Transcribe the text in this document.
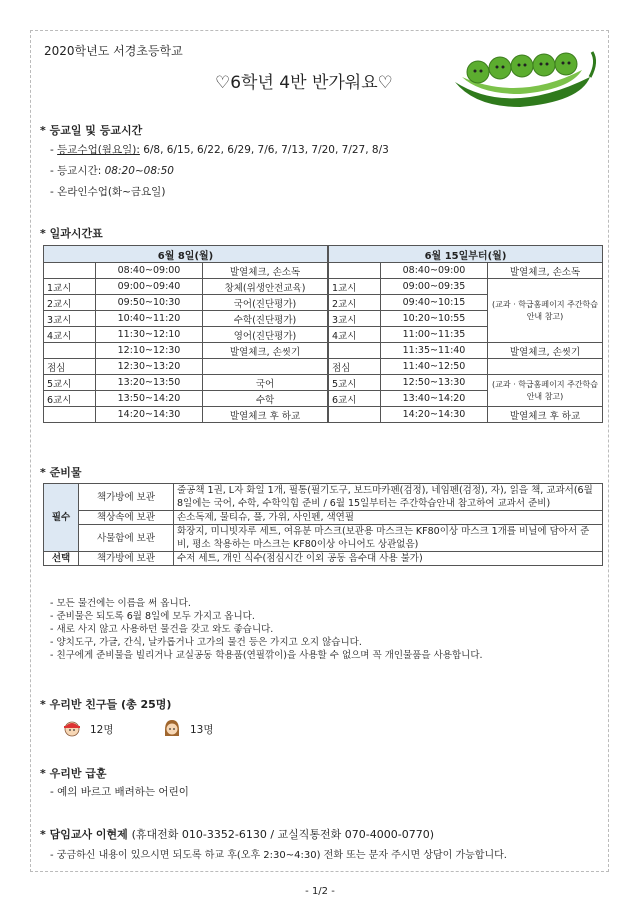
2020학년도 서경초등학교
♡6학년 4반 반가워요♡
* 등교일 및 등교시간
- 등교수업(월요일): 6/8, 6/15, 6/22, 6/29, 7/6, 7/13, 7/20, 7/27, 8/3
- 등교시간: 08:20~08:50
- 온라인수업(화~금요일)
* 일과시간표
6월 8일(월)		
	08:40~09:00	발열체크, 손소독
1교시	09:00~09:40	창체(위생안전교육)
2교시	09:50~10:30	국어(진단평가)
3교시	10:40~11:20	수학(진단평가)
4교시	11:30~12:10	영어(진단평가)
	12:10~12:30	발열체크, 손씻기
점심	12:30~13:20	
5교시	13:20~13:50	국어
6교시	13:50~14:20	수학
	14:20~14:30	발열체크 후 하교
6월 15일부터(월)		
	08:40~09:00	발열체크, 손소독
1교시	09:00~09:35	(교과 · 학급홈페이지 주간학습안내 참고)
2교시	09:40~10:15	
3교시	10:20~10:55	
4교시	11:00~11:35	
	11:35~11:40	발열체크, 손씻기
점심	11:40~12:50	
5교시	12:50~13:30	(교과 · 학급홈페이지 주간학습안내 참고)
6교시	13:40~14:20	
	14:20~14:30	발열체크 후 하교
* 준비물
필수	책가방에 보관	줄공책 1권, L자 화일 1개, 필통(필기도구, 보드마카펜(검정), 네임펜(검정), 자), 읽을 책, 교과서(6월 8일에는 국어, 수학, 수학익힘 준비 / 6월 15일부터는 주간학습안내 참고하여 교과서 준비)
	책상속에 보관	손소독제, 물티슈, 풀, 가위, 사인펜, 색연필
	사물함에 보관	화장지, 미니빗자루 세트, 여유분 마스크(보관용 마스크는 KF80이상 마스크 1개를 비닐에 담아서 준비, 평소 착용하는 마스크는 KF80이상 아니어도 상관없음)
선택	책가방에 보관	수저 세트, 개인 식수(점심시간 이외 공동 음수대 사용 불가)
- 모든 물건에는 이름을 써 옵니다.
- 준비물은 되도록 6월 8일에 모두 가지고 옵니다.
- 새로 사지 않고 사용하던 물건을 갖고 와도 좋습니다.
- 양치도구, 가글, 간식, 날카롭거나 고가의 물건 등은 가지고 오지 않습니다.
- 친구에게 준비물을 빌리거나 교실공동 학용품(연필깎이)을 사용할 수 없으며 꼭 개인물품을 사용합니다.
* 우리반 친구들 (총 25명)
12명	13명
* 우리반 급훈
- 예의 바르고 배려하는 어린이
* 담임교사 이현제 (휴대전화 010-3352-6130 / 교실직통전화 070-4000-0770)
- 궁금하신 내용이 있으시면 되도록 하교 후(오후 2:30~4:30) 전화 또는 문자 주시면 상담이 가능합니다.
- 1/2 -
